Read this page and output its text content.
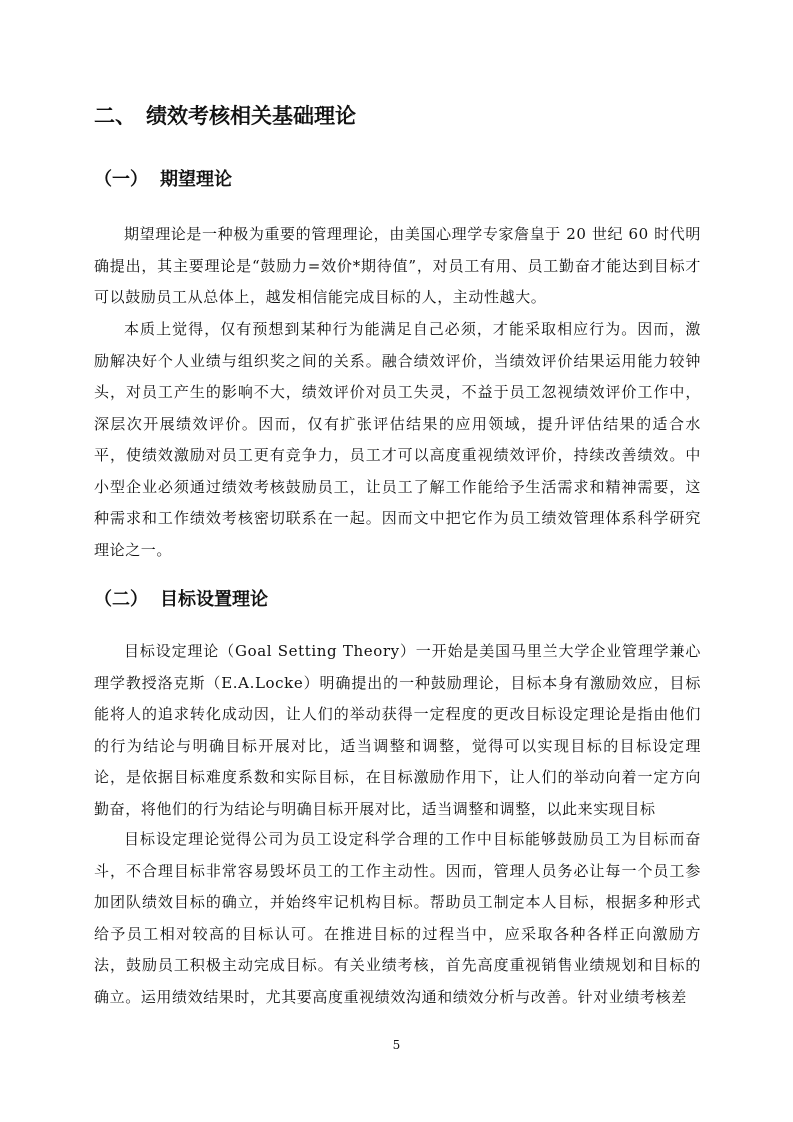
二、 绩效考核相关基础理论
（一） 期望理论

期望理论是一种极为重要的管理理论，由美国心理学专家詹皇于 20 世纪 60 时代明确提出，其主要理论是“鼓励力=效价*期待值”，对员工有用、员工勤奋才能达到目标才可以鼓励员工从总体上，越发相信能完成目标的人，主动性越大。

本质上觉得，仅有预想到某种行为能满足自己必须，才能采取相应行为。因而，激励解决好个人业绩与组织奖之间的关系。融合绩效评价，当绩效评价结果运用能力较钟头，对员工产生的影响不大，绩效评价对员工失灵，不益于员工忽视绩效评价工作中，深层次开展绩效评价。因而，仅有扩张评估结果的应用领域，提升评估结果的适合水平，使绩效激励对员工更有竞争力，员工才可以高度重视绩效评价，持续改善绩效。中小型企业必须通过绩效考核鼓励员工，让员工了解工作能给予生活需求和精神需要，这种需求和工作绩效考核密切联系在一起。因而文中把它作为员工绩效管理体系科学研究理论之一。

（二） 目标设置理论

目标设定理论（Goal Setting Theory）一开始是美国马里兰大学企业管理学兼心理学教授洛克斯（E.A.Locke）明确提出的一种鼓励理论，目标本身有激励效应，目标能将人的追求转化成动因，让人们的举动获得一定程度的更改目标设定理论是指由他们的行为结论与明确目标开展对比，适当调整和调整，觉得可以实现目标的目标设定理论，是依据目标难度系数和实际目标，在目标激励作用下，让人们的举动向着一定方向勤奋，将他们的行为结论与明确目标开展对比，适当调整和调整，以此来实现目标

目标设定理论觉得公司为员工设定科学合理的工作中目标能够鼓励员工为目标而奋斗，不合理目标非常容易毁坏员工的工作主动性。因而，管理人员务必让每一个员工参加团队绩效目标的确立，并始终牢记机构目标。帮助员工制定本人目标，根据多种形式给予员工相对较高的目标认可。在推进目标的过程当中，应采取各种各样正向激励方法，鼓励员工积极主动完成目标。有关业绩考核，首先高度重视销售业绩规划和目标的确立。运用绩效结果时，尤其要高度重视绩效沟通和绩效分析与改善。针对业绩考核差

5
